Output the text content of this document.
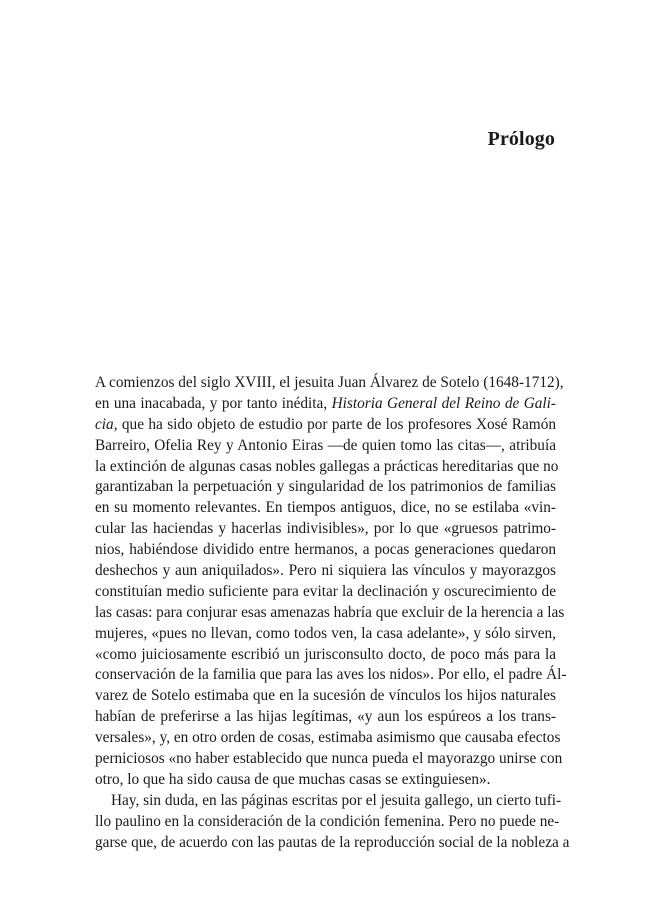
Prólogo
A comienzos del siglo XVIII, el jesuita Juan Álvarez de Sotelo (1648-1712),
en una inacabada, y por tanto inédita, Historia General del Reino de Gali-
cia, que ha sido objeto de estudio por parte de los profesores Xosé Ramón
Barreiro, Ofelia Rey y Antonio Eiras —de quien tomo las citas—, atribuía
la extinción de algunas casas nobles gallegas a prácticas hereditarias que no
garantizaban la perpetuación y singularidad de los patrimonios de familias
en su momento relevantes. En tiempos antiguos, dice, no se estilaba «vin-
cular las haciendas y hacerlas indivisibles», por lo que «gruesos patrimo-
nios, habiéndose dividido entre hermanos, a pocas generaciones quedaron
deshechos y aun aniquilados». Pero ni siquiera las vínculos y mayorazgos
constituían medio suficiente para evitar la declinación y oscurecimiento de
las casas: para conjurar esas amenazas habría que excluir de la herencia a las
mujeres, «pues no llevan, como todos ven, la casa adelante», y sólo sirven,
«como juiciosamente escribió un jurisconsulto docto, de poco más para la
conservación de la familia que para las aves los nidos». Por ello, el padre Ál-
varez de Sotelo estimaba que en la sucesión de vínculos los hijos naturales
habían de preferirse a las hijas legítimas, «y aun los espúreos a los trans-
versales», y, en otro orden de cosas, estimaba asimismo que causaba efectos
perniciosos «no haber establecido que nunca pueda el mayorazgo unirse con
otro, lo que ha sido causa de que muchas casas se extinguiesen».
Hay, sin duda, en las páginas escritas por el jesuita gallego, un cierto tufi-
llo paulino en la consideración de la condición femenina. Pero no puede ne-
garse que, de acuerdo con las pautas de la reproducción social de la nobleza a
